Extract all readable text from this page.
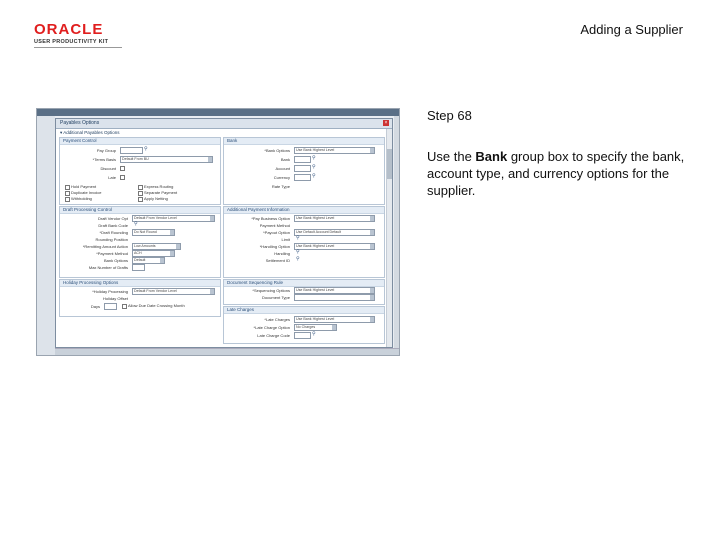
ORACLE
USER PRODUCTIVITY KIT
Adding a Supplier
Step 68
Use the Bank group box to specify the bank, account type, and currency options for the supplier.
Payables Options	×
▾ Additional Payables Options
Payment Control
Pay Group	⚲
*Terms Basis	Default From BU
Discount
Late
Hold Payment
Duplicate Invoice
Withholding
Express Routing
Separate Payment
Apply Netting
Bank
*Bank Options	Use Bank Highest Level
Bank	⚲
Account	⚲
Currency	⚲
Rate Type
Draft Processing Control
Draft Vendor Opt	Default From Vendor Level
Draft Bank Code ⚲
*Draft Rounding	Do Not Round
Rounding Position
*Remitting Amount Action	Low Amounts
*Payment Method	ACH
Bank Options	Default
Max Number of Drafts
Additional Payment Information
*Pay Business Option	Use Bank Highest Level
Payment Method
*Payout Option	Use Default Account Default
Limit ⚲
*Handling Option	Use Bank Highest Level
Handling ⚲
Settlement ID ⚲
Holiday Processing Options
*Holiday Processing	Default From Vendor Level
Holiday Offset
Days	Allow Due Date Crossing Month
Document Sequencing Rule
*Sequencing Options	Use Bank Highest Level
Document Type
Late Charges
*Late Charges	Use Bank Highest Level
*Late Charge Option	No Charges
Late Charge Code	⚲
